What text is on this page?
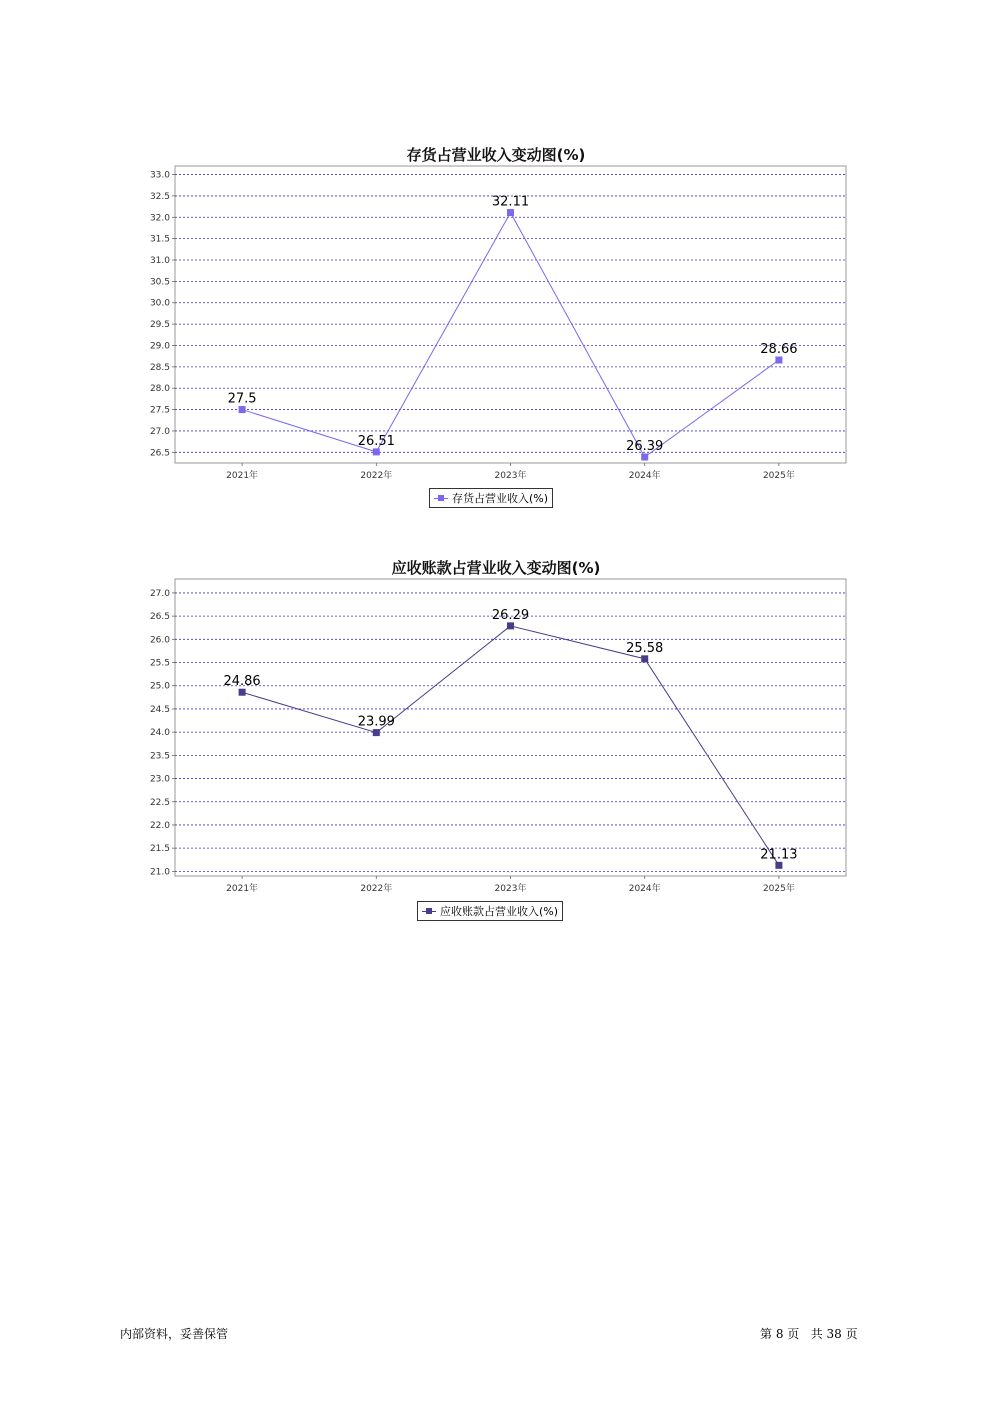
存货占营业收入变动图(%)
33.0
32.5
32.0
31.5
31.0
30.5
30.0
29.5
29.0
28.5
28.0
27.5
27.0
26.5
2021年	2022年	2023年	2024年	2025年
27.5
26.51
32.11
26.39
28.66
存货占营业收入(%)
应收账款占营业收入变动图(%)
27.0
26.5
26.0
25.5
25.0
24.5
24.0
23.5
23.0
22.5
22.0
21.5
21.0
2021年	2022年	2023年	2024年	2025年
24.86
23.99
26.29
25.58
21.13
应收账款占营业收入(%)
内部资料，妥善保管	第 8 页   共 38 页
